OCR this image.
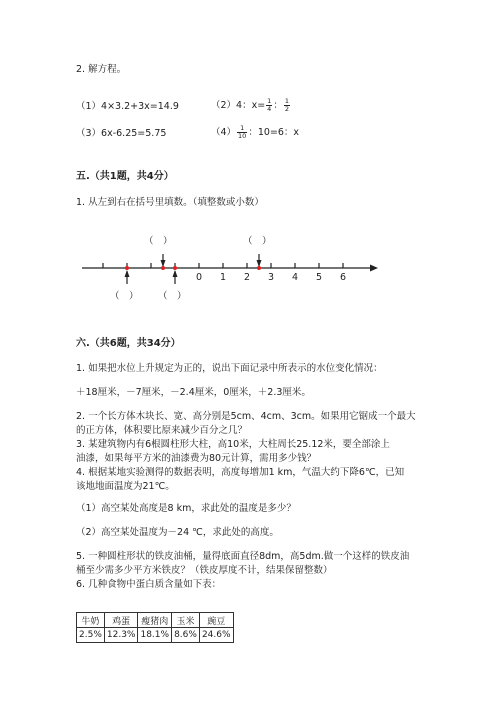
2. 解方程。
（1）4×3.2+3x=14.9	（2）4：$x= \frac{1}{4}$ ： $\frac{1}{2}$
（3）6x-6.25=5.75	$(4) \frac{1}{10}$ ：10=6：x
五.（共1题，共4分）
1. 从左到右在括号里填数。（填整数或小数）
（　）	（　）
（　） （　）
0 1 2 3 4 5 6
六.（共6题，共34分）
1. 如果把水位上升规定为正的，说出下面记录中所表示的水位变化情况：
＋18厘米，－7厘米，－2.4厘米，0厘米，＋2.3厘米。
2. 一个长方体木块长、宽、高分别是5cm、4cm、3cm。如果用它锯成一个最大
的正方体，体积要比原来减少百分之几？
3. 某建筑物内有6根圆柱形大柱，高10米，大柱周长25.12米，要全部涂上
油漆，如果每平方米的油漆费为80元计算，需用多少钱？
4. 根据某地实验测得的数据表明，高度每增加1 km，气温大约下降6℃，已知
该地地面温度为21℃。
（1）高空某处高度是8 km，求此处的温度是多少？
（2）高空某处温度为－24 ℃，求此处的高度。
5. 一种圆柱形状的铁皮油桶，量得底面直径8dm，高5dm.做一个这样的铁皮油
桶至少需多少平方米铁皮？（铁皮厚度不计，结果保留整数）
6. 几种食物中蛋白质含量如下表：
牛奶	鸡蛋	瘦猪肉	玉米	豌豆
2.5%	12.3%	18.1%	8.6%	24.6%
